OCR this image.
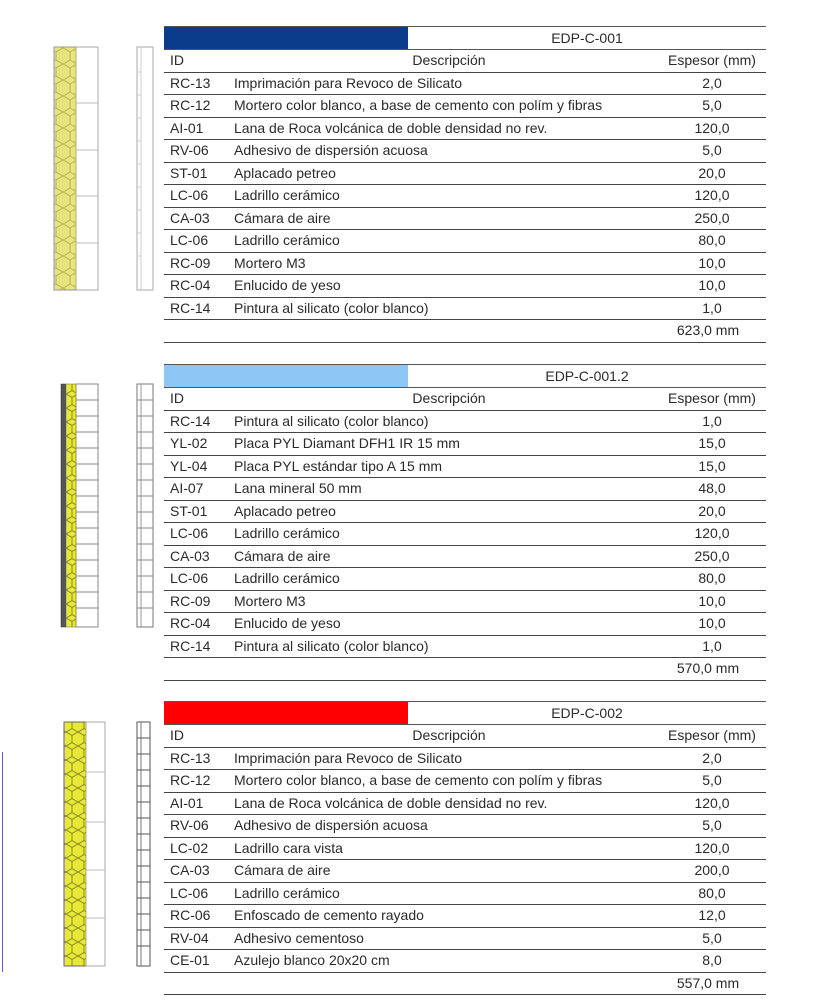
EDP-C-001
ID	Descripción	Espesor (mm)
RC-13 Imprimación para Revoco de Silicato	2,0
RC-12 Mortero color blanco, a base de cemento con polím y fibras	5,0
AI-01 Lana de Roca volcánica de doble densidad no rev.	120,0
RV-06 Adhesivo de dispersión acuosa	5,0
ST-01 Aplacado petreo	20,0
LC-06 Ladrillo cerámico	120,0
CA-03 Cámara de aire	250,0
LC-06 Ladrillo cerámico	80,0
RC-09 Mortero M3	10,0
RC-04 Enlucido de yeso	10,0
RC-14 Pintura al silicato (color blanco)	1,0
623,0 mm
EDP-C-001.2
ID	Descripción	Espesor (mm)
RC-14 Pintura al silicato (color blanco)	1,0
YL-02 Placa PYL Diamant DFH1 IR 15 mm	15,0
YL-04 Placa PYL estándar tipo A 15 mm	15,0
AI-07 Lana mineral 50 mm	48,0
ST-01 Aplacado petreo	20,0
LC-06 Ladrillo cerámico	120,0
CA-03 Cámara de aire	250,0
LC-06 Ladrillo cerámico	80,0
RC-09 Mortero M3	10,0
RC-04 Enlucido de yeso	10,0
RC-14 Pintura al silicato (color blanco)	1,0
570,0 mm
EDP-C-002
ID	Descripción	Espesor (mm)
RC-13 Imprimación para Revoco de Silicato	2,0
RC-12 Mortero color blanco, a base de cemento con polím y fibras	5,0
AI-01 Lana de Roca volcánica de doble densidad no rev.	120,0
RV-06 Adhesivo de dispersión acuosa	5,0
LC-02 Ladrillo cara vista	120,0
CA-03 Cámara de aire	200,0
LC-06 Ladrillo cerámico	80,0
RC-06 Enfoscado de cemento rayado	12,0
RV-04 Adhesivo cementoso	5,0
CE-01 Azulejo blanco 20x20 cm	8,0
557,0 mm
